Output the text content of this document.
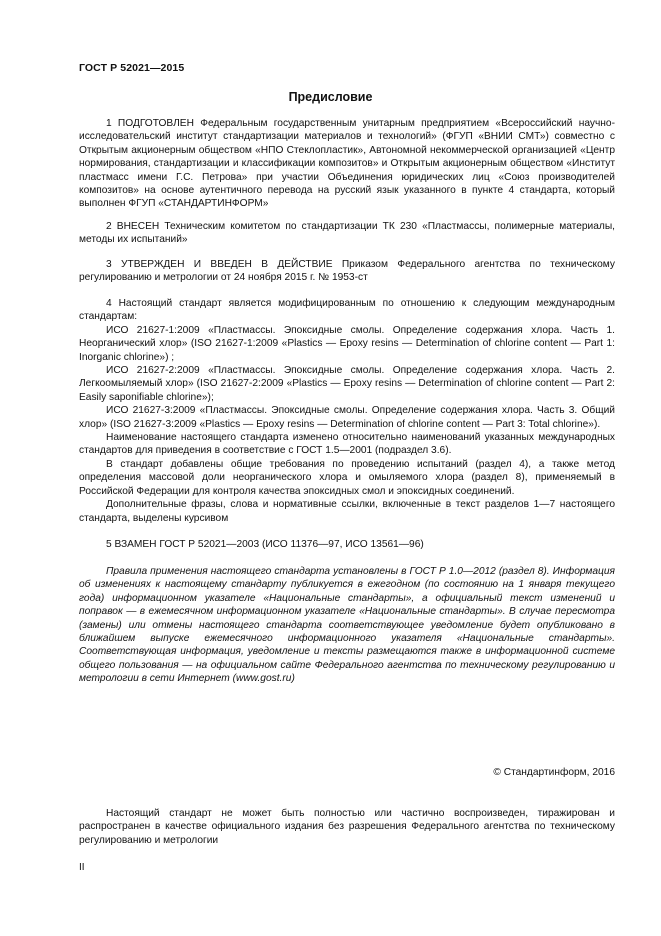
ГОСТ Р 52021—2015
Предисловие

1 ПОДГОТОВЛЕН Федеральным государственным унитарным предприятием «Всероссийский научно-исследовательский институт стандартизации материалов и технологий» (ФГУП «ВНИИ СМТ») совместно с Открытым акционерным обществом «НПО Стеклопластик», Автономной некоммерческой организацией «Центр нормирования, стандартизации и классификации композитов» и Открытым акционерным обществом «Институт пластмасс имени Г.С. Петрова» при участии Объединения юридических лиц «Союз производителей композитов» на основе аутентичного перевода на русский язык указанного в пункте 4 стандарта, который выполнен ФГУП «СТАНДАРТИНФОРМ»

2 ВНЕСЕН Техническим комитетом по стандартизации ТК 230 «Пластмассы, полимерные материалы, методы их испытаний»

3 УТВЕРЖДЕН И ВВЕДЕН В ДЕЙСТВИЕ Приказом Федерального агентства по техническому регулированию и метрологии от 24 ноября 2015 г. № 1953-ст

4 Настоящий стандарт является модифицированным по отношению к следующим международным стандартам:

ИСО 21627-1:2009 «Пластмассы. Эпоксидные смолы. Определение содержания хлора. Часть 1. Неорганический хлор» (ISO 21627-1:2009 «Plastics — Epoxy resins — Determination of chlorine content — Part 1: Inorganic chlorine») ;

ИСО 21627-2:2009 «Пластмассы. Эпоксидные смолы. Определение содержания хлора. Часть 2. Легкоомыляемый хлор» (ISO 21627-2:2009 «Plastics — Epoxy resins — Determination of chlorine content — Part 2: Easily saponifiable chlorine»);

ИСО 21627-3:2009 «Пластмассы. Эпоксидные смолы. Определение содержания хлора. Часть 3. Общий хлор» (ISO 21627-3:2009 «Plastics — Epoxy resins — Determination of chlorine content — Part 3: Total chlorine»).

Наименование настоящего стандарта изменено относительно наименований указанных международных стандартов для приведения в соответствие с ГОСТ 1.5—2001 (подраздел 3.6).

В стандарт добавлены общие требования по проведению испытаний (раздел 4), а также метод определения массовой доли неорганического хлора и омыляемого хлора (раздел 8), применяемый в Российской Федерации для контроля качества эпоксидных смол и эпоксидных соединений.

Дополнительные фразы, слова и нормативные ссылки, включенные в текст разделов 1—7 настоящего стандарта, выделены курсивом

5 ВЗАМЕН ГОСТ Р 52021—2003 (ИСО 11376—97, ИСО 13561—96)

Правила применения настоящего стандарта установлены в ГОСТ Р 1.0—2012 (раздел 8). Информация об изменениях к настоящему стандарту публикуется в ежегодном (по состоянию на 1 января текущего года) информационном указателе «Национальные стандарты», а официальный текст изменений и поправок — в ежемесячном информационном указателе «Национальные стандарты». В случае пересмотра (замены) или отмены настоящего стандарта соответствующее уведомление будет опубликовано в ближайшем выпуске ежемесячного информационного указателя «Национальные стандарты». Соответствующая информация, уведомление и тексты размещаются также в информационной системе общего пользования — на официальном сайте Федерального агентства по техническому регулированию и метрологии в сети Интернет (www.gost.ru)

© Стандартинформ, 2016

Настоящий стандарт не может быть полностью или частично воспроизведен, тиражирован и распространен в качестве официального издания без разрешения Федерального агентства по техническому регулированию и метрологии

II
